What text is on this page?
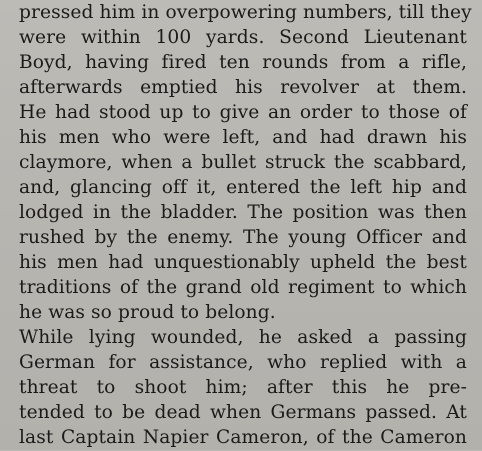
pressed him in overpowering numbers, till they
were within 100 yards. Second Lieutenant
Boyd, having fired ten rounds from a rifle,
afterwards emptied his revolver at them.
He had stood up to give an order to those of
his men who were left, and had drawn his
claymore, when a bullet struck the scabbard,
and, glancing off it, entered the left hip and
lodged in the bladder. The position was then
rushed by the enemy. The young Officer and
his men had unquestionably upheld the best
traditions of the grand old regiment to which
he was so proud to belong.
While lying wounded, he asked a passing
German for assistance, who replied with a
threat to shoot him; after this he pre-
tended to be dead when Germans passed. At
last Captain Napier Cameron, of the Cameron
